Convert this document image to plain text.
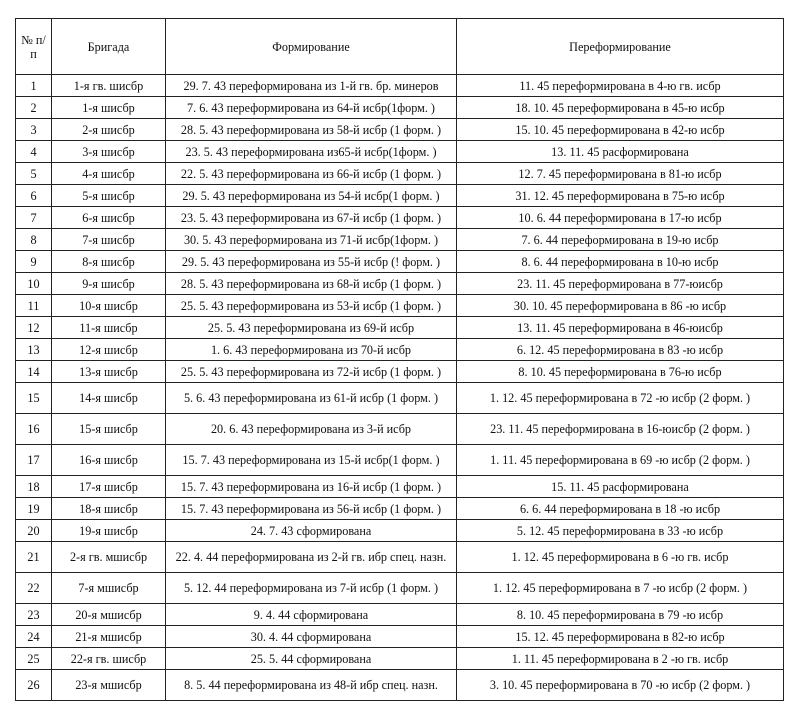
№ п/п	Бригада	Формирование	Переформирование
1	1-я гв. шисбр	29. 7. 43 переформирована из 1-й гв. бр. минеров	11. 45 переформирована в 4-ю гв. исбр
2	1-я шисбр	7. 6. 43 переформирована из 64-й исбр(1форм. )	18. 10. 45 переформирована в 45-ю исбр
3	2-я шисбр	28. 5. 43 переформирована из 58-й исбр (1 форм. )	15. 10. 45 переформирована в 42-ю исбр
4	3-я шисбр	23. 5. 43 переформирована из65-й исбр(1форм. )	13. 11. 45 расформирована
5	4-я шисбр	22. 5. 43 переформирована из 66-й исбр (1 форм. )	12. 7. 45 переформирована в 81-ю исбр
6	5-я шисбр	29. 5. 43 переформирована из 54-й исбр(1 форм. )	31. 12. 45 переформирована в 75-ю исбр
7	6-я шисбр	23. 5. 43 переформирована из 67-й исбр (1 форм. )	10. 6. 44 переформирована в 17-ю исбр
8	7-я шисбр	30. 5. 43 переформирована из 71-й исбр(1форм. )	7. 6. 44 переформирована в 19-ю исбр
9	8-я шисбр	29. 5. 43 переформирована из 55-й исбр (! форм. )	8. 6. 44 переформирована в 10-ю исбр
10	9-я шисбр	28. 5. 43 переформирована из 68-й исбр (1 форм. )	23. 11. 45 переформирована в 77-юисбр
11	10-я шисбр	25. 5. 43 переформирована из 53-й исбр (1 форм. )	30. 10. 45 переформирована в 86 -ю исбр
12	11-я шисбр	25. 5. 43 переформирована из 69-й исбр	13. 11. 45 переформирована в 46-юисбр
13	12-я шисбр	1. 6. 43 переформирована из 70-й исбр	6. 12. 45 переформирована в 83 -ю исбр
14	13-я шисбр	25. 5. 43 переформирована из 72-й исбр (1 форм. )	8. 10. 45 переформирована в 76-ю исбр
15	14-я шисбр	5. 6. 43 переформирована из 61-й исбр (1 форм. )	1. 12. 45 переформирована в 72 -ю исбр (2 форм. )
16	15-я шисбр	20. 6. 43 переформирована из 3-й исбр	23. 11. 45 переформирована в 16-юисбр (2 форм. )
17	16-я шисбр	15. 7. 43 переформирована из 15-й исбр(1 форм. )	1. 11. 45 переформирована в 69 -ю исбр (2 форм. )
18	17-я шисбр	15. 7. 43 переформирована из 16-й исбр (1 форм. )	15. 11. 45 расформирована
19	18-я шисбр	15. 7. 43 переформирована из 56-й исбр (1 форм. )	6. 6. 44 переформирована в 18 -ю исбр
20	19-я шисбр	24. 7. 43 сформирована	5. 12. 45 переформирована в 33 -ю исбр
21	2-я гв. мшисбр	22. 4. 44 переформирована из 2-й гв. ибр спец. назн.	1. 12. 45 переформирована в 6 -ю гв. исбр
22	7-я мшисбр	5. 12. 44 переформирована из 7-й исбр (1 форм. )	1. 12. 45 переформирована в 7 -ю исбр (2 форм. )
23	20-я мшисбр	9. 4. 44 сформирована	8. 10. 45 переформирована в 79 -ю исбр
24	21-я мшисбр	30. 4. 44 сформирована	15. 12. 45 переформирована в 82-ю исбр
25	22-я гв. шисбр	25. 5. 44 сформирована	1. 11. 45 переформирована в 2 -ю гв. исбр
26	23-я мшисбр	8. 5. 44 переформирована из 48-й ибр спец. назн.	3. 10. 45 переформирована в 70 -ю исбр (2 форм. )
